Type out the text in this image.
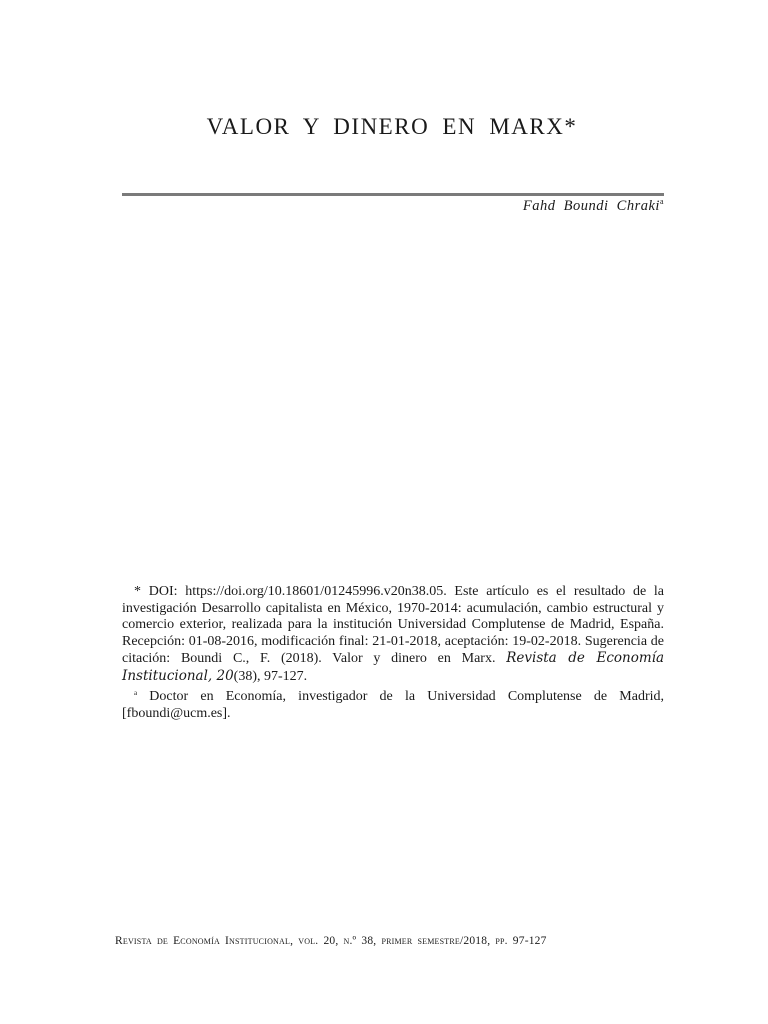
VALOR Y DINERO EN MARX*
Fahd Boundi Chraki$^a$

* DOI: https://doi.org/10.18601/01245996.v20n38.05. Este artículo es el resultado de la investigación Desarrollo capitalista en México, 1970-2014: acumulación, cambio estructural y comercio exterior, realizada para la institución Universidad Complutense de Madrid, España. Recepción: 01-08-2016, modificación final: 21-01-2018, aceptación: 19-02-2018. Sugerencia de citación: Boundi C., F. (2018). Valor y dinero en Marx. Revista de Economía Institucional, 20(38), 97-127.

$^a$ Doctor en Economía, investigador de la Universidad Complutense de Madrid, [fboundi@ucm.es].

Revista de Economía Institucional, vol. 20, n.º 38, primer semestre/2018, pp. 97-127
